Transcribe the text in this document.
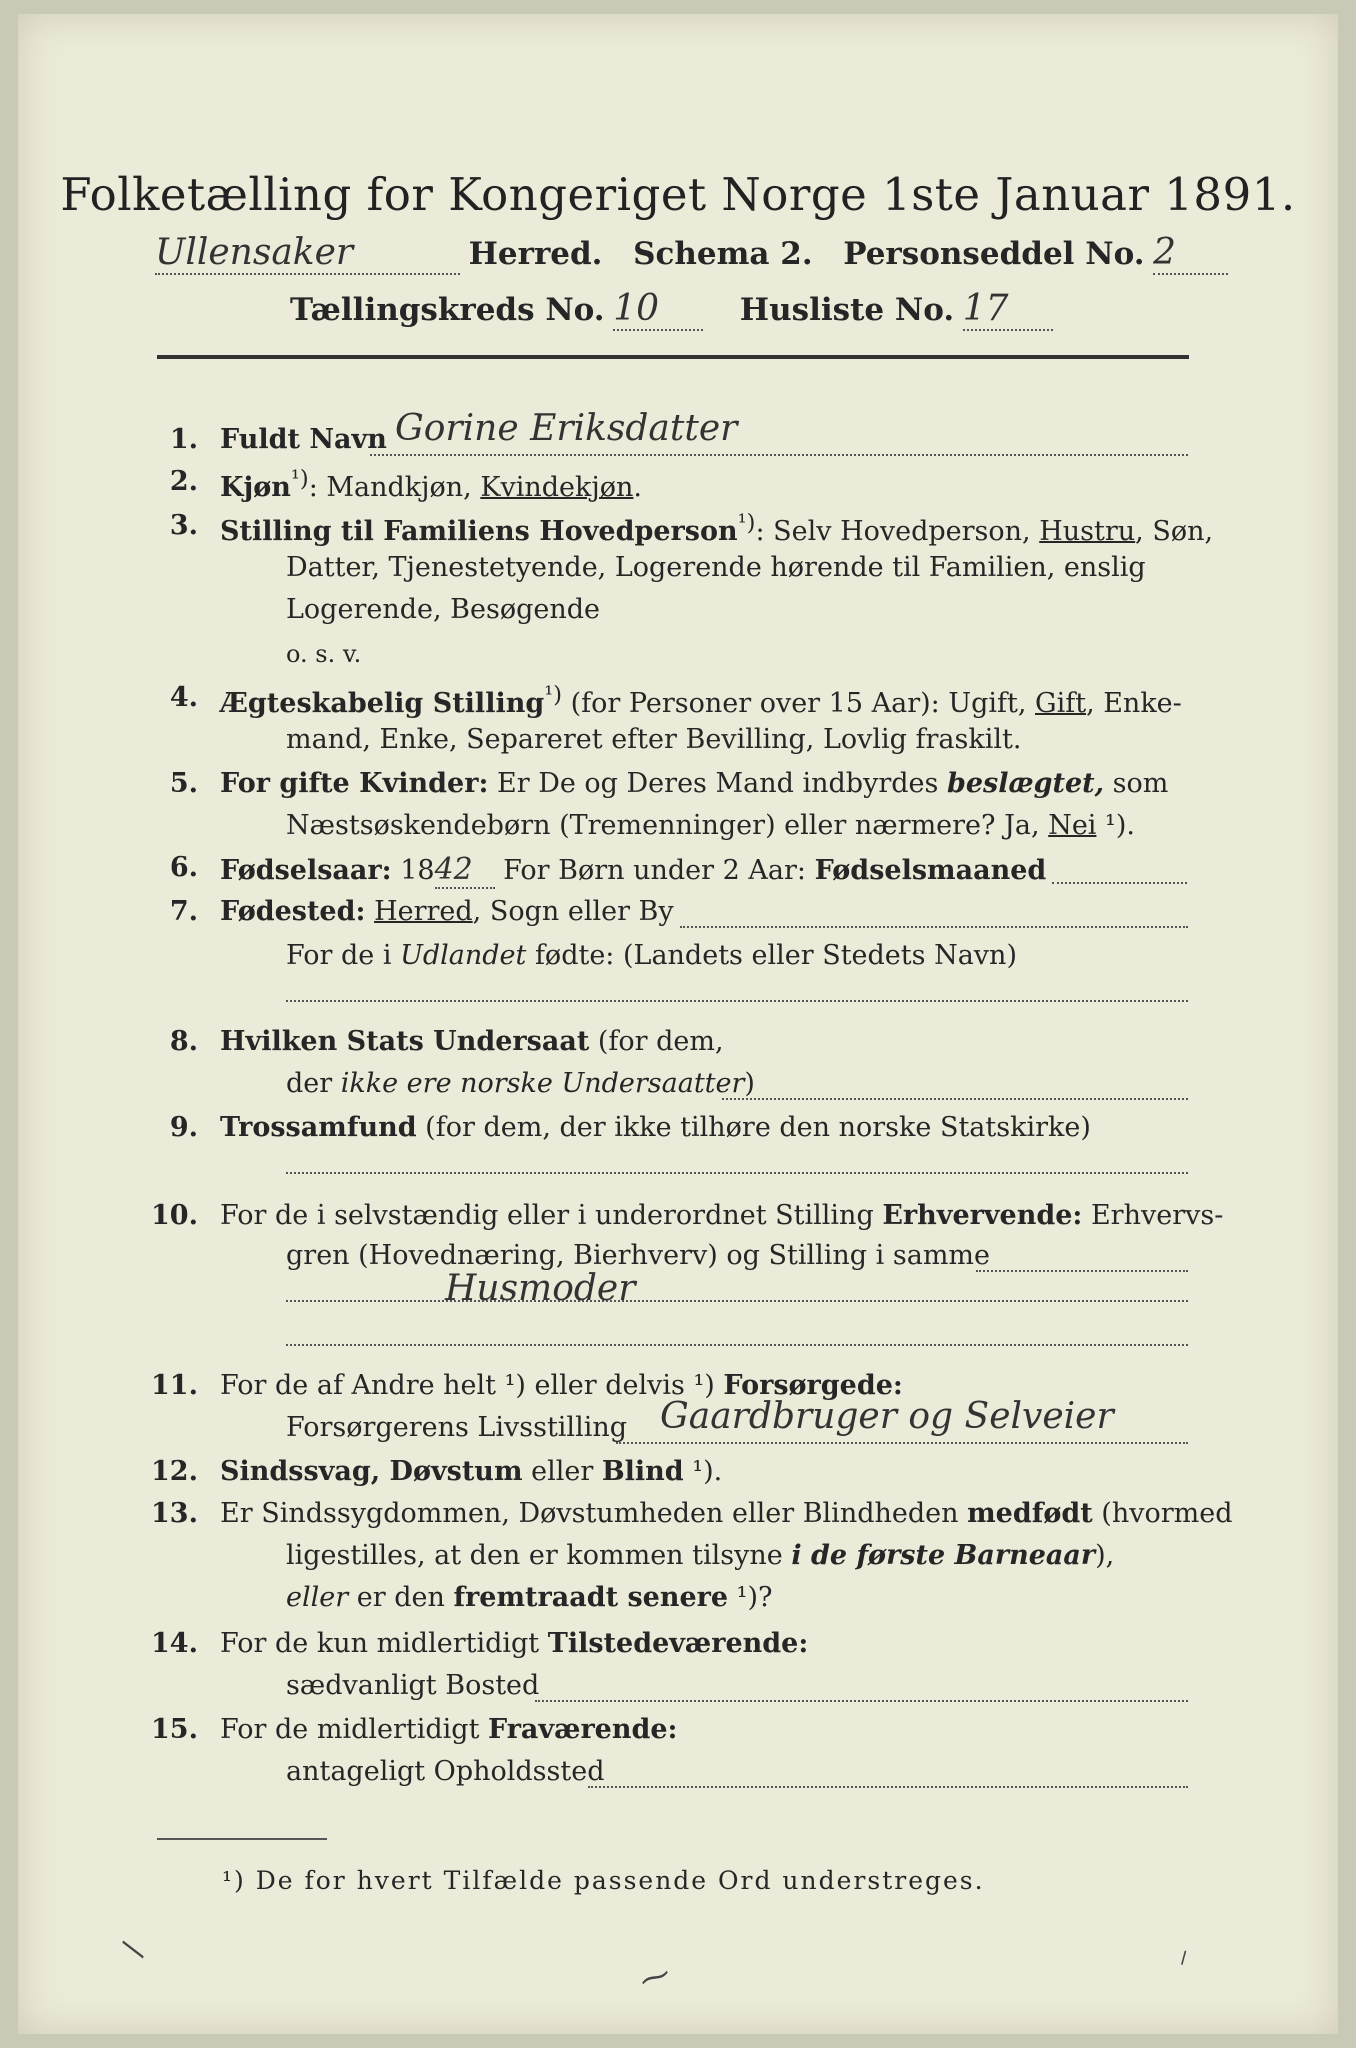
Folketælling for Kongeriget Norge 1ste Januar 1891.
Ullensaker	Herred. Schema 2. Personseddel No. 2
Tællingskreds No. 10	Husliste No. 17
1. Fuldt Navn Gorine Eriksdatter
2. Kjøn$^{^1)}$: Mandkjøn, Kvindekjøn.
3. Stilling til Familiens Hovedperson$^{^1)}$: Selv Hovedperson, Hustru, Søn,
Datter, Tjenestetyende, Logerende hørende til Familien, enslig
Logerende, Besøgende
o. s. v.
4. Ægteskabelig Stilling$^{^1)}$ (for Personer over 15 Aar): Ugift, Gift, Enke-
mand, Enke, Separeret efter Bevilling, Lovlig fraskilt.
5. For gifte Kvinder: Er De og Deres Mand indbyrdes beslægtet, som
Næstsøskendebørn (Tremenninger) eller nærmere? Ja, Nei ¹).
6. Fødselsaar: 1842 For Børn under 2 Aar: Fødselsmaaned
7. Fødested: Herred, Sogn eller By
For de i Udlandet fødte: (Landets eller Stedets Navn)
8. Hvilken Stats Undersaat (for dem,
der ikke ere norske Undersaatter)
9. Trossamfund (for dem, der ikke tilhøre den norske Statskirke)
10. For de i selvstændig eller i underordnet Stilling Erhvervende: Erhvervs-
gren (Hovednæring, Bierhverv) og Stilling i samme
Husmoder
11. For de af Andre helt ¹) eller delvis ¹) Forsørgede:
Forsørgerens Livsstilling Gaardbruger og Selveier
12. Sindssvag, Døvstum eller Blind ¹).
13. Er Sindssygdommen, Døvstumheden eller Blindheden medfødt (hvormed
ligestilles, at den er kommen tilsyne i de første Barneaar),
eller er den fremtraadt senere ¹)?
14. For de kun midlertidigt Tilstedeværende:
sædvanligt Bosted
15. For de midlertidigt Fraværende:
antageligt Opholdssted
¹) De for hvert Tilfælde passende Ord understreges.
/
⁓
⸝
